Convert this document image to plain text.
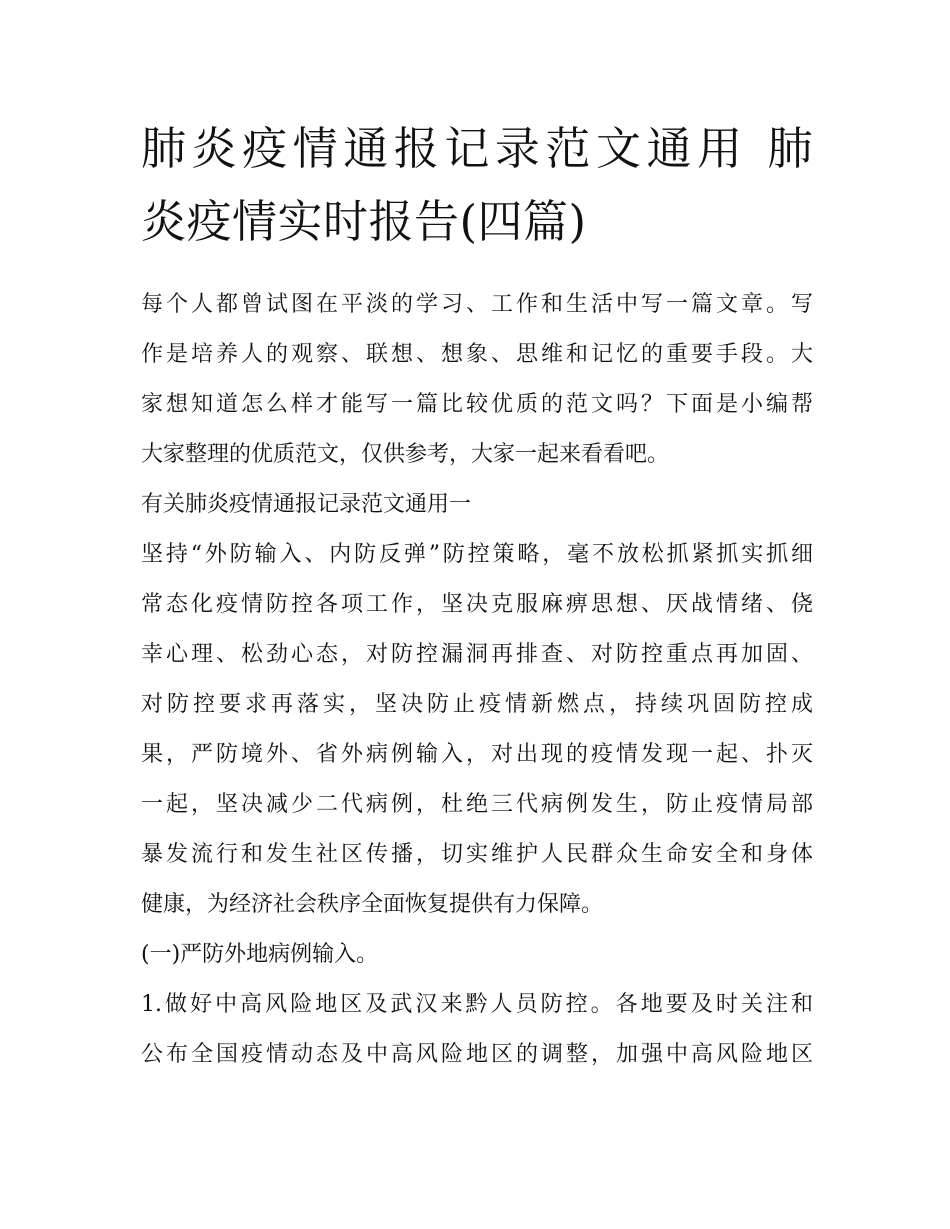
肺炎疫情通报记录范文通用 肺
炎疫情实时报告(四篇)
每个人都曾试图在平淡的学习、工作和生活中写一篇文章。写
作是培养人的观察、联想、想象、思维和记忆的重要手段。大
家想知道怎么样才能写一篇比较优质的范文吗？下面是小编帮
大家整理的优质范文，仅供参考，大家一起来看看吧。
有关肺炎疫情通报记录范文通用一
坚持“外防输入、内防反弹”防控策略，毫不放松抓紧抓实抓细
常态化疫情防控各项工作，坚决克服麻痹思想、厌战情绪、侥
幸心理、松劲心态，对防控漏洞再排查、对防控重点再加固、
对防控要求再落实，坚决防止疫情新燃点，持续巩固防控成
果，严防境外、省外病例输入，对出现的疫情发现一起、扑灭
一起，坚决减少二代病例，杜绝三代病例发生，防止疫情局部
暴发流行和发生社区传播，切实维护人民群众生命安全和身体
健康，为经济社会秩序全面恢复提供有力保障。
(一)严防外地病例输入。
1.做好中高风险地区及武汉来黔人员防控。各地要及时关注和
公布全国疫情动态及中高风险地区的调整，加强中高风险地区
